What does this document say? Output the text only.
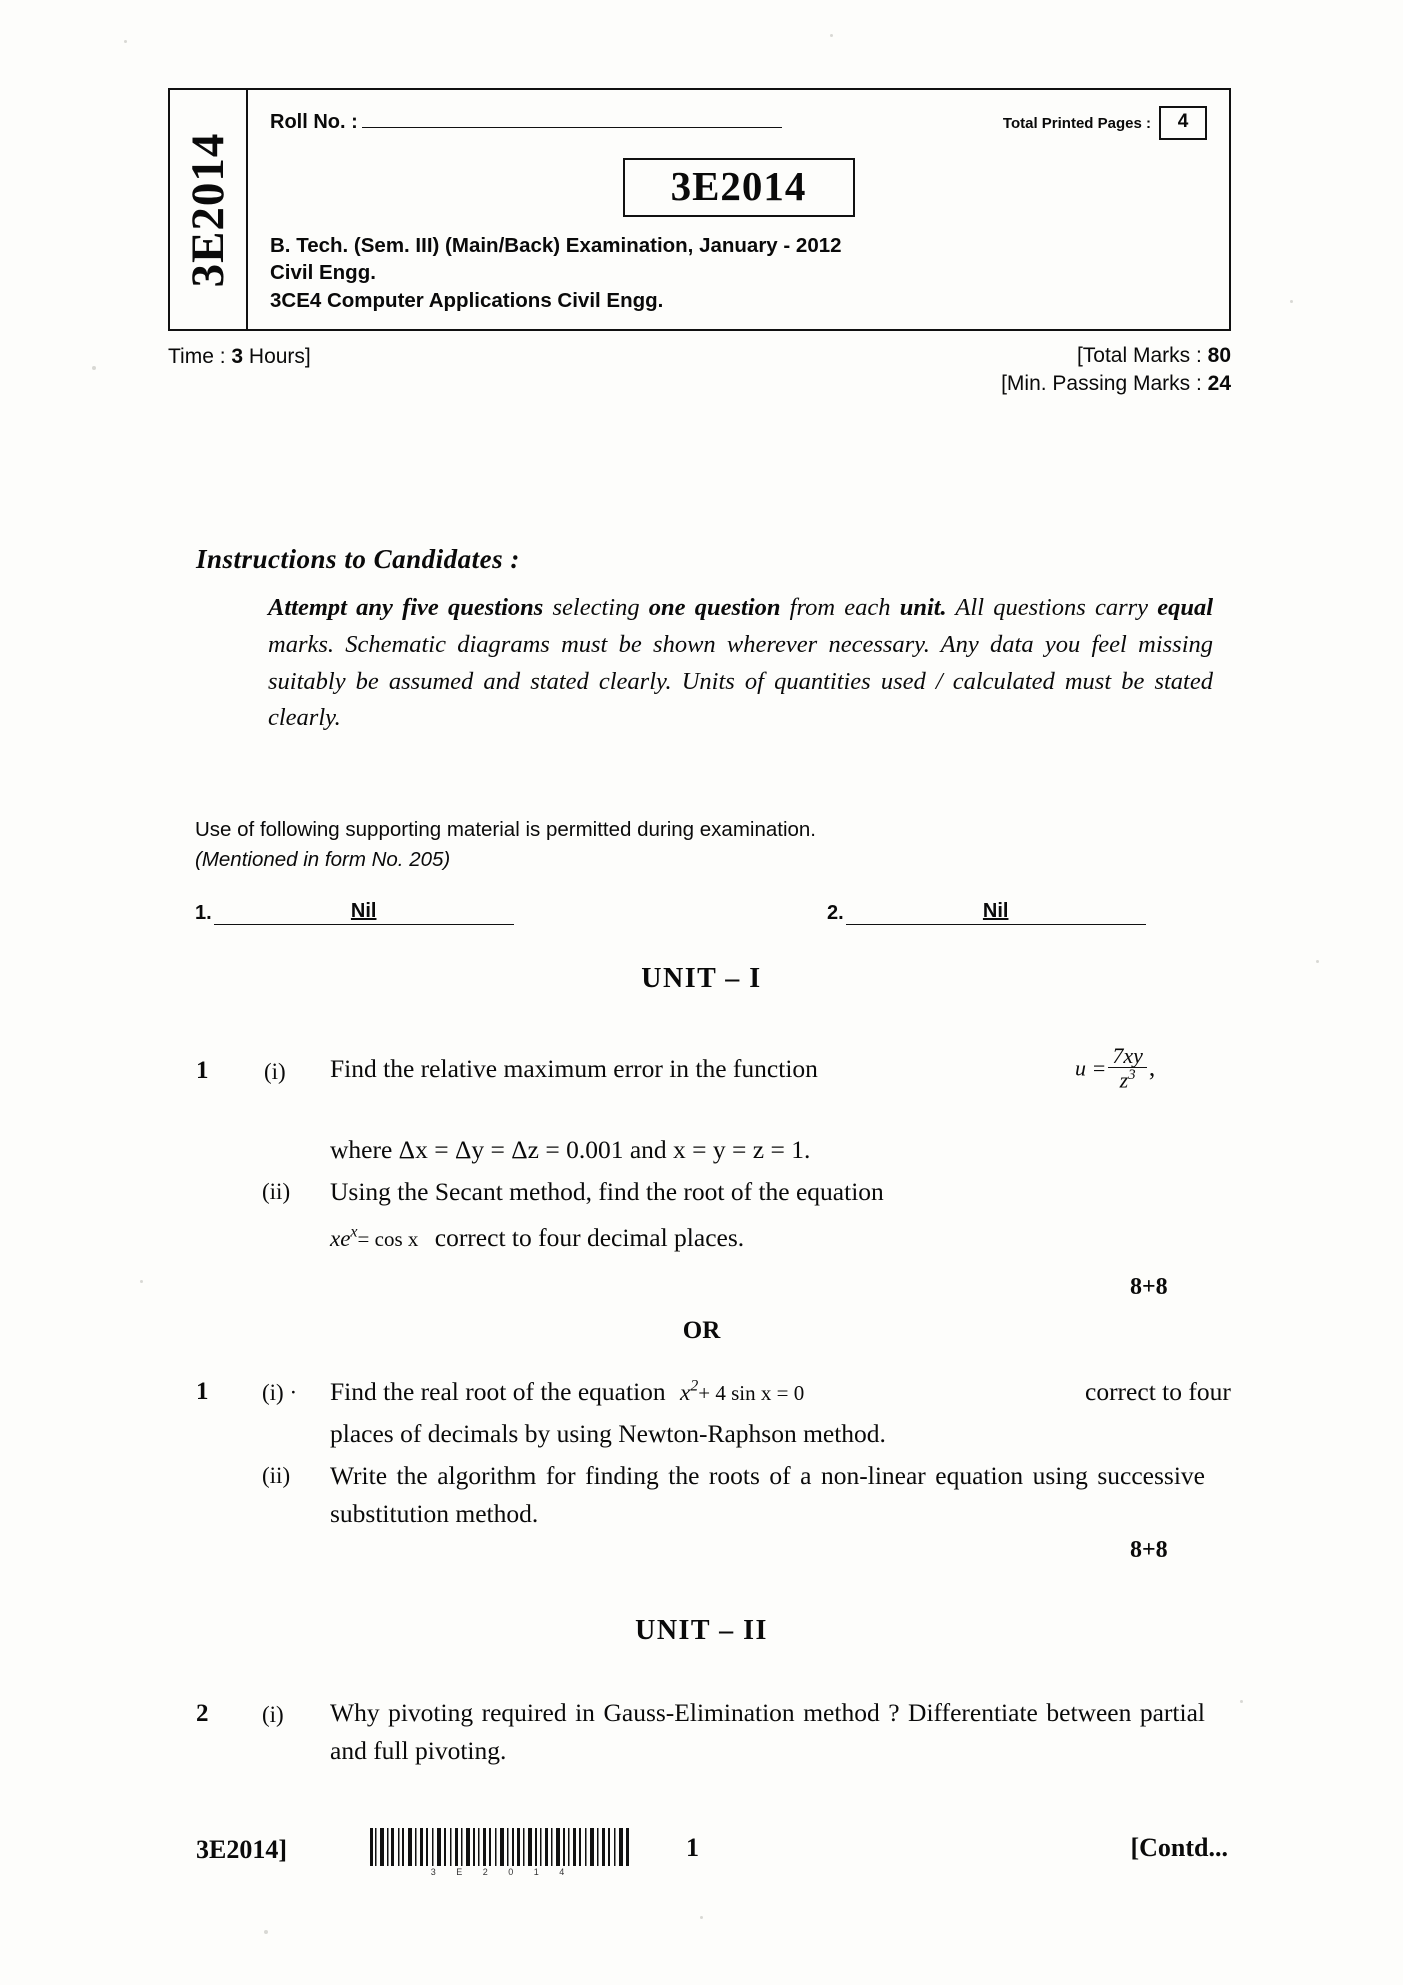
3E2014
Roll No. :	Total Printed Pages :	4
3E2014
B. Tech. (Sem. III) (Main/Back) Examination, January - 2012
Civil Engg.
3CE4 Computer Applications Civil Engg.
Time : 3 Hours]	[Total Marks : 80
[Min. Passing Marks : 24
Instructions to Candidates :
Attempt any five questions selecting one question from each unit. All questions carry equal marks. Schematic diagrams must be shown wherever necessary. Any data you feel missing suitably be assumed and stated clearly. Units of quantities used / calculated must be stated clearly.
Use of following supporting material is permitted during examination.
(Mentioned in form No. 205)
1.	Nil	2.	Nil
UNIT – I
1 (i) Find the relative maximum error in the function	$u = \frac{7xy}{z^3}$ ,
where Δx = Δy = Δz = 0.001 and x = y = z = 1.
(ii) Using the Secant method, find the root of the equation
$xe^x= \cos x$ correct to four decimal places.
8+8
OR
1 (i) · Find the real root of the equation $x^2+ 4$ sin x = 0	correct to four
places of decimals by using Newton-Raphson method.
(ii) Write the algorithm for finding the roots of a non-linear equation using successive substitution method.
8+8
UNIT – II
2 (i) Why pivoting required in Gauss-Elimination method ? Differentiate between partial and full pivoting.
3E2014]
3 E 2 0 1 4
1	[Contd...
